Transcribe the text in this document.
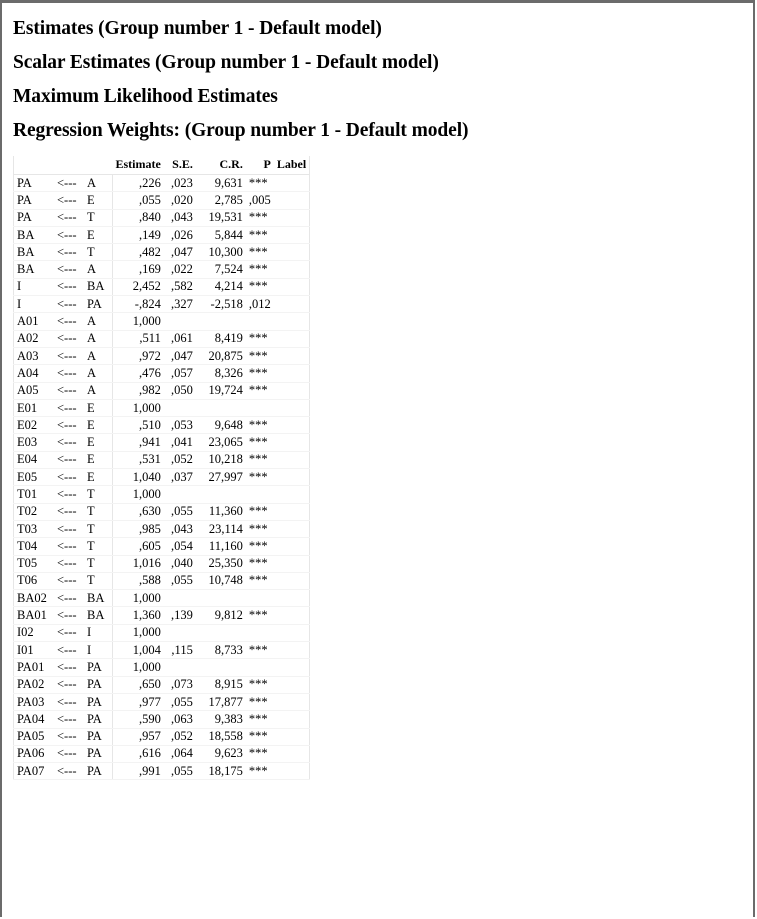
Estimates (Group number 1 - Default model)
Scalar Estimates (Group number 1 - Default model)
Maximum Likelihood Estimates
Regression Weights: (Group number 1 - Default model)
			Estimate	S.E.	C.R.	P	Label
PA	<---	A	,226	,023	9,631	***	
PA	<---	E	,055	,020	2,785	,005	
PA	<---	T	,840	,043	19,531	***	
BA	<---	E	,149	,026	5,844	***	
BA	<---	T	,482	,047	10,300	***	
BA	<---	A	,169	,022	7,524	***	
I	<---	BA	2,452	,582	4,214	***	
I	<---	PA	-,824	,327	-2,518	,012	
A01	<---	A	1,000				
A02	<---	A	,511	,061	8,419	***	
A03	<---	A	,972	,047	20,875	***	
A04	<---	A	,476	,057	8,326	***	
A05	<---	A	,982	,050	19,724	***	
E01	<---	E	1,000				
E02	<---	E	,510	,053	9,648	***	
E03	<---	E	,941	,041	23,065	***	
E04	<---	E	,531	,052	10,218	***	
E05	<---	E	1,040	,037	27,997	***	
T01	<---	T	1,000				
T02	<---	T	,630	,055	11,360	***	
T03	<---	T	,985	,043	23,114	***	
T04	<---	T	,605	,054	11,160	***	
T05	<---	T	1,016	,040	25,350	***	
T06	<---	T	,588	,055	10,748	***	
BA02	<---	BA	1,000				
BA01	<---	BA	1,360	,139	9,812	***	
I02	<---	I	1,000				
I01	<---	I	1,004	,115	8,733	***	
PA01	<---	PA	1,000				
PA02	<---	PA	,650	,073	8,915	***	
PA03	<---	PA	,977	,055	17,877	***	
PA04	<---	PA	,590	,063	9,383	***	
PA05	<---	PA	,957	,052	18,558	***	
PA06	<---	PA	,616	,064	9,623	***	
PA07	<---	PA	,991	,055	18,175	***	
